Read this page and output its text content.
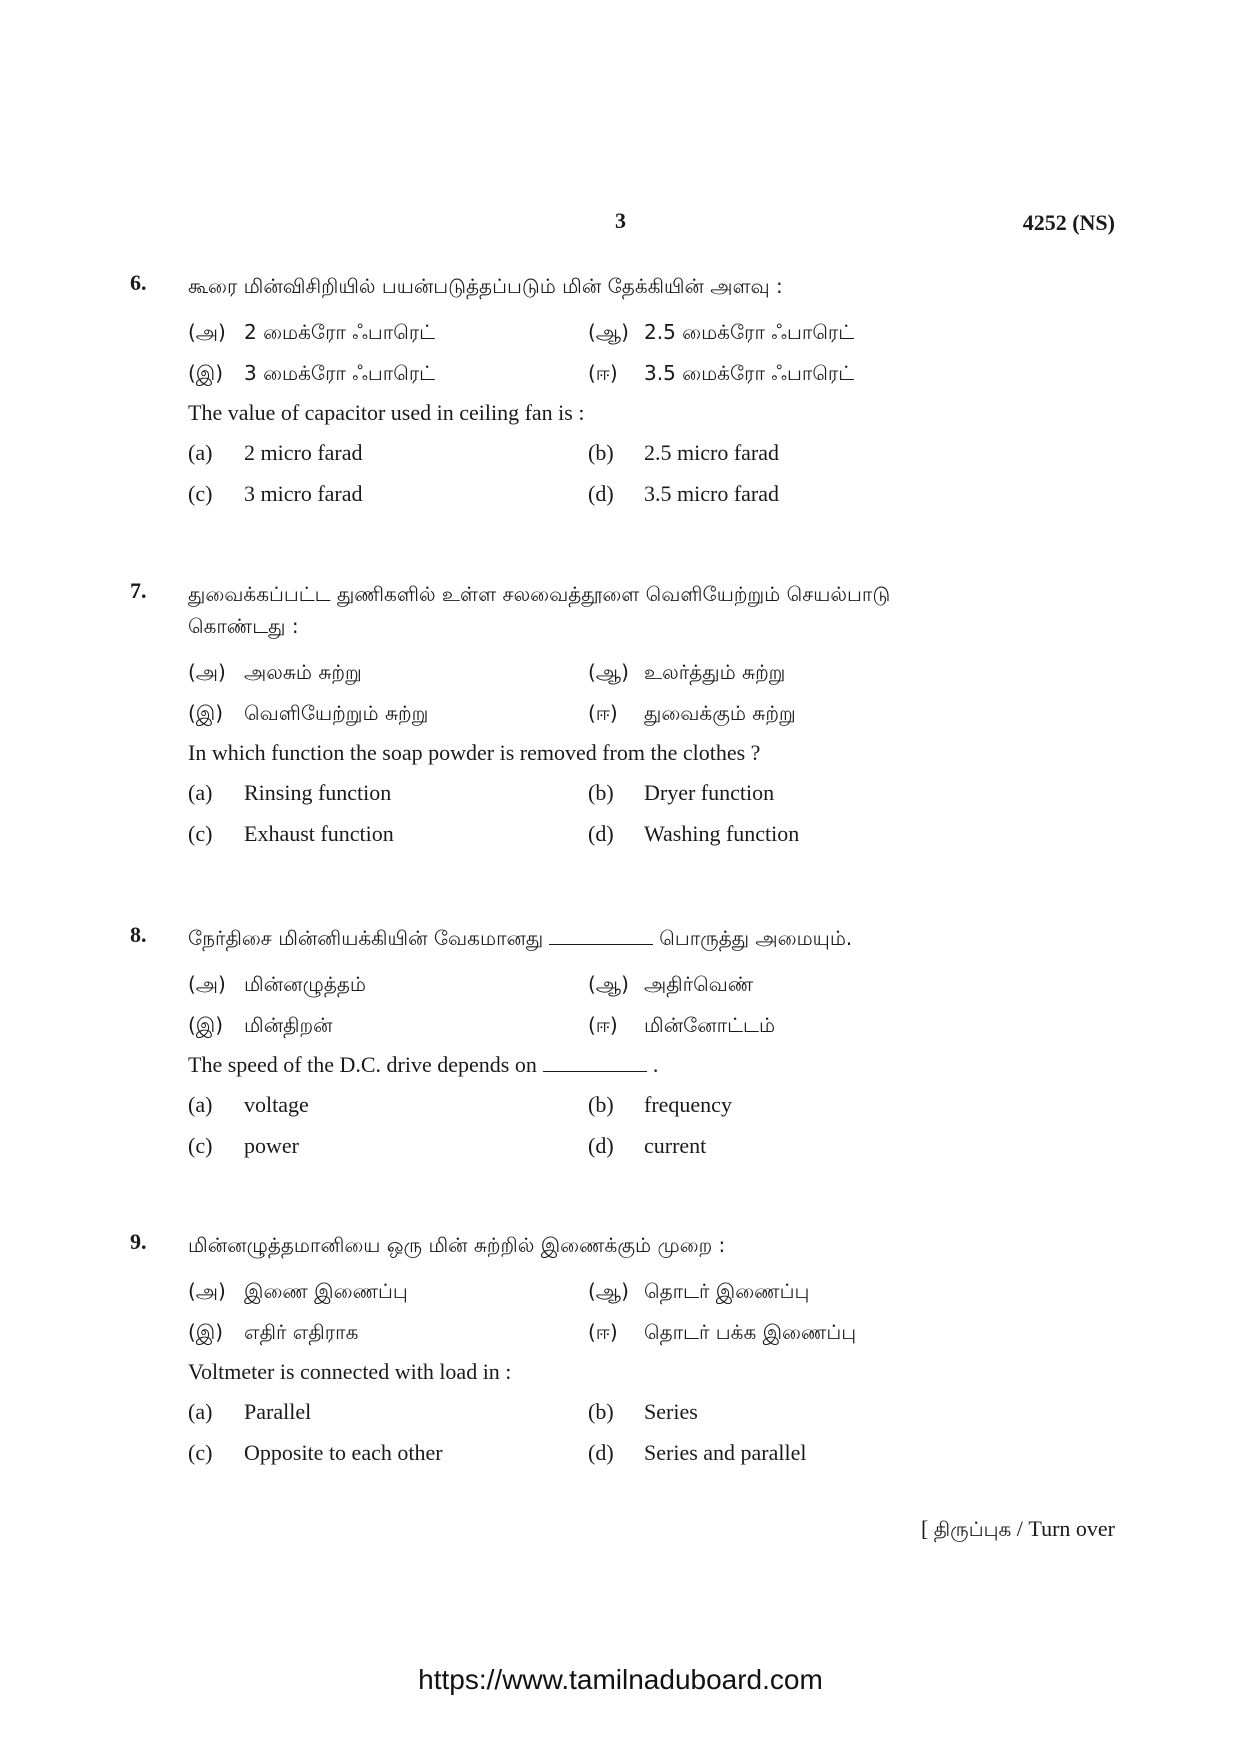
3	4252 (NS)
6. கூரை மின்விசிறியில் பயன்படுத்தப்படும் மின் தேக்கியின் அளவு :

(அ) 2 மைக்ரோ ஃபாரெட்	(ஆ) 2.5 மைக்ரோ ஃபாரெட்
(இ) 3 மைக்ரோ ஃபாரெட்	(ஈ) 3.5 மைக்ரோ ஃபாரெட்

The value of capacitor used in ceiling fan is :

(a) 2 micro farad	(b) 2.5 micro farad
(c) 3 micro farad	(d) 3.5 micro farad
7. துவைக்கப்பட்ட துணிகளில் உள்ள சலவைத்தூளை வெளியேற்றும் செயல்பாடு

கொண்டது :

(அ) அலசும் சுற்று	(ஆ) உலர்த்தும் சுற்று
(இ) வெளியேற்றும் சுற்று	(ஈ) துவைக்கும் சுற்று

In which function the soap powder is removed from the clothes ?

(a) Rinsing function	(b) Dryer function
(c) Exhaust function	(d) Washing function
8. நேர்திசை மின்னியக்கியின் வேகமானது	பொருத்து அமையும்.

(அ) மின்னழுத்தம்	(ஆ) அதிர்வெண்
(இ) மின்திறன்	(ஈ) மின்னோட்டம்

The speed of the D.C. drive depends on	.

(a) voltage	(b) frequency
(c) power	(d) current
9. மின்னழுத்தமானியை ஒரு மின் சுற்றில் இணைக்கும் முறை :

(அ) இணை இணைப்பு	(ஆ) தொடர் இணைப்பு
(இ) எதிர் எதிராக	(ஈ) தொடர் பக்க இணைப்பு

Voltmeter is connected with load in :

(a) Parallel	(b) Series
(c) Opposite to each other	(d) Series and parallel
[ திருப்புக / Turn over
https://www.tamilnaduboard.com
